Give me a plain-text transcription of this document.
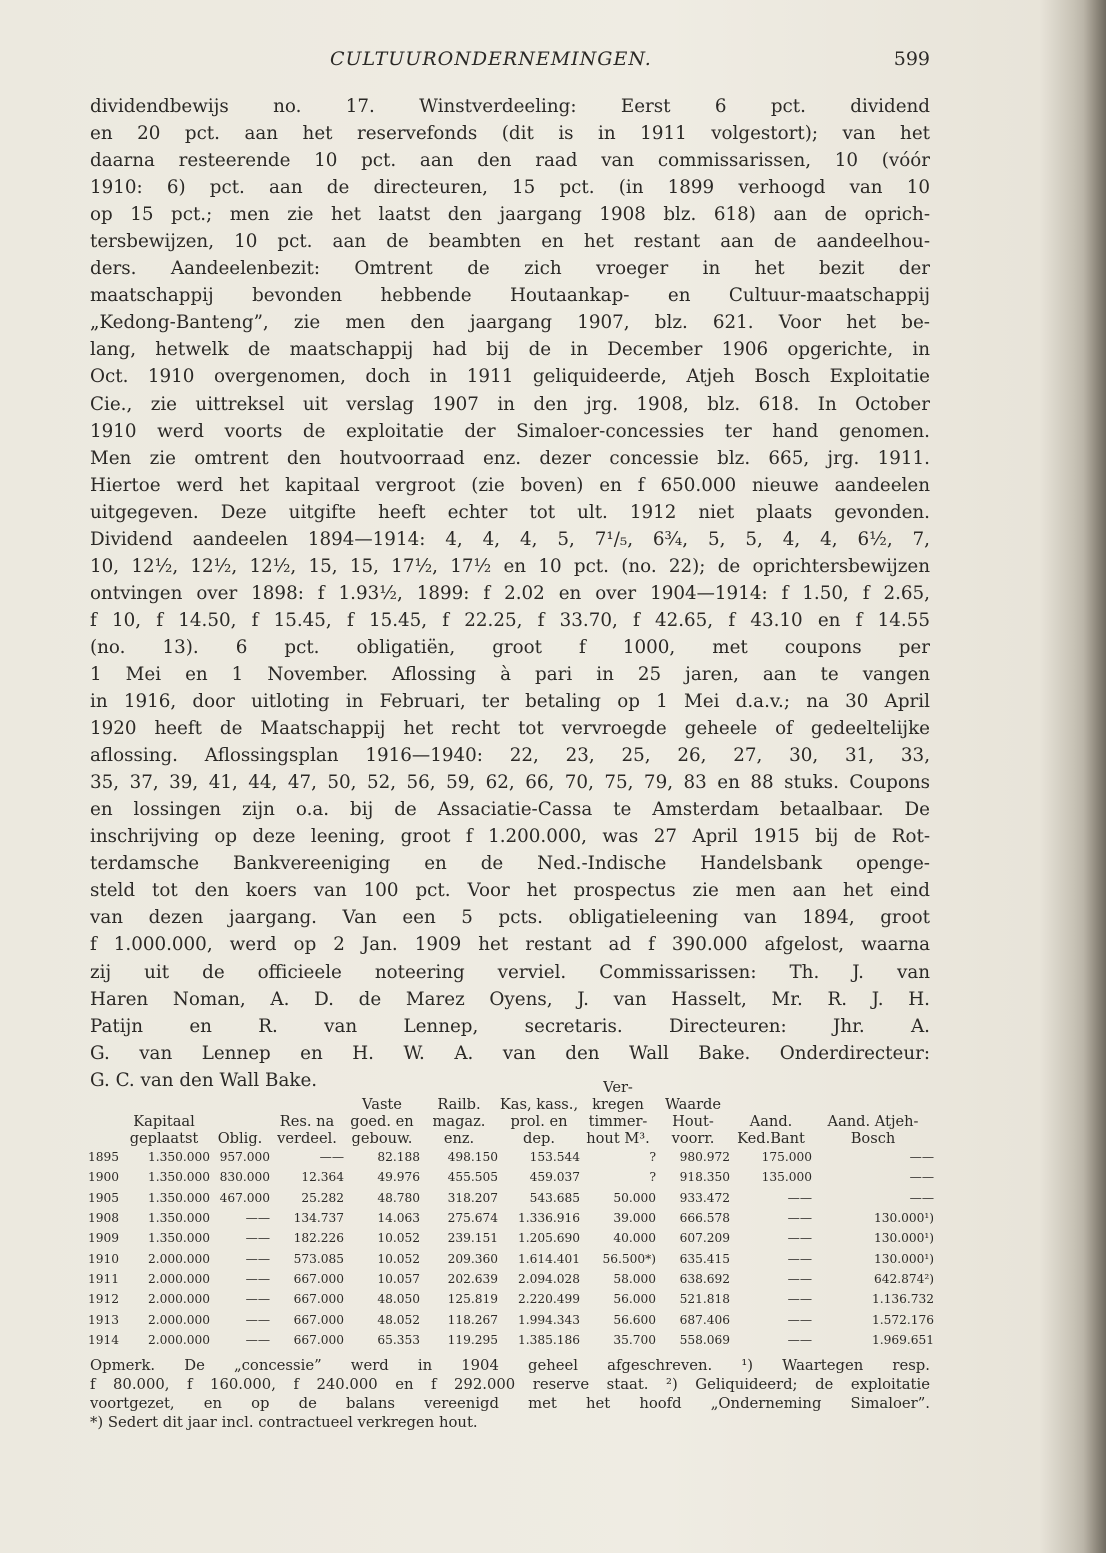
CULTUURONDERNEMINGEN.	599
dividendbewijs no. 17. Winstverdeeling: Eerst 6 pct. dividend
en 20 pct. aan het reservefonds (dit is in 1911 volgestort); van het
daarna resteerende 10 pct. aan den raad van commissarissen, 10 (vóór
1910: 6) pct. aan de directeuren, 15 pct. (in 1899 verhoogd van 10
op 15 pct.; men zie het laatst den jaargang 1908 blz. 618) aan de oprich-
tersbewijzen, 10 pct. aan de beambten en het restant aan de aandeelhou-
ders. Aandeelenbezit: Omtrent de zich vroeger in het bezit der
maatschappij bevonden hebbende Houtaankap- en Cultuur-maatschappij
„Kedong-Banteng”, zie men den jaargang 1907, blz. 621. Voor het be-
lang, hetwelk de maatschappij had bij de in December 1906 opgerichte, in
Oct. 1910 overgenomen, doch in 1911 geliquideerde, Atjeh Bosch Exploitatie
Cie., zie uittreksel uit verslag 1907 in den jrg. 1908, blz. 618. In October
1910 werd voorts de exploitatie der Simaloer-concessies ter hand genomen.
Men zie omtrent den houtvoorraad enz. dezer concessie blz. 665, jrg. 1911.
Hiertoe werd het kapitaal vergroot (zie boven) en f 650.000 nieuwe aandeelen
uitgegeven. Deze uitgifte heeft echter tot ult. 1912 niet plaats gevonden.
Dividend aandeelen 1894—1914: 4, 4, 4, 5, 7¹/₅, 6¾, 5, 5, 4, 4, 6½, 7,
10, 12½, 12½, 12½, 15, 15, 17½, 17½ en 10 pct. (no. 22); de oprichtersbewijzen
ontvingen over 1898: f 1.93½, 1899: f 2.02 en over 1904—1914: f 1.50, f 2.65,
f 10, f 14.50, f 15.45, f 15.45, f 22.25, f 33.70, f 42.65, f 43.10 en f 14.55
(no. 13). 6 pct. obligatiën, groot f 1000, met coupons per
1 Mei en 1 November. Aflossing à pari in 25 jaren, aan te vangen
in 1916, door uitloting in Februari, ter betaling op 1 Mei d.a.v.; na 30 April
1920 heeft de Maatschappij het recht tot vervroegde geheele of gedeeltelijke
aflossing. Aflossingsplan 1916—1940: 22, 23, 25, 26, 27, 30, 31, 33,
35, 37, 39, 41, 44, 47, 50, 52, 56, 59, 62, 66, 70, 75, 79, 83 en 88 stuks. Coupons
en lossingen zijn o.a. bij de Assaciatie-Cassa te Amsterdam betaalbaar. De
inschrijving op deze leening, groot f 1.200.000, was 27 April 1915 bij de Rot-
terdamsche Bankvereeniging en de Ned.-Indische Handelsbank openge-
steld tot den koers van 100 pct. Voor het prospectus zie men aan het eind
van dezen jaargang. Van een 5 pcts. obligatieleening van 1894, groot
f 1.000.000, werd op 2 Jan. 1909 het restant ad f 390.000 afgelost, waarna
zij uit de officieele noteering verviel. Commissarissen: Th. J. van
Haren Noman, A. D. de Marez Oyens, J. van Hasselt, Mr. R. J. H.
Patijn en R. van Lennep, secretaris. Directeuren: Jhr. A.
G. van Lennep en H. W. A. van den Wall Bake. Onderdirecteur:
G. C. van den Wall Bake.
	Kapitaal geplaatst	Oblig.	Res. na verdeel.	Vaste goed. en gebouw.	Railb. magaz. enz.	Kas, kass., prol. en dep.	Ver-kregen timmer-hout M³.	Waarde Hout-voorr.	Aand. Ked.Bant	Aand. Atjeh-Bosch
1895	1.350.000	957.000	——	82.188	498.150	153.544	?	980.972	175.000	——
1900	1.350.000	830.000	12.364	49.976	455.505	459.037	?	918.350	135.000	——
1905	1.350.000	467.000	25.282	48.780	318.207	543.685	50.000	933.472	——	——
1908	1.350.000	——	134.737	14.063	275.674	1.336.916	39.000	666.578	——	130.000¹)
1909	1.350.000	——	182.226	10.052	239.151	1.205.690	40.000	607.209	——	130.000¹)
1910	2.000.000	——	573.085	10.052	209.360	1.614.401	56.500*)	635.415	——	130.000¹)
1911	2.000.000	——	667.000	10.057	202.639	2.094.028	58.000	638.692	——	642.874²)
1912	2.000.000	——	667.000	48.050	125.819	2.220.499	56.000	521.818	——	1.136.732
1913	2.000.000	——	667.000	48.052	118.267	1.994.343	56.600	687.406	——	1.572.176
1914	2.000.000	——	667.000	65.353	119.295	1.385.186	35.700	558.069	——	1.969.651
Opmerk. De „concessie” werd in 1904 geheel afgeschreven. ¹) Waartegen resp.
f 80.000, f 160.000, f 240.000 en f 292.000 reserve staat. ²) Geliquideerd; de exploitatie
voortgezet, en op de balans vereenigd met het hoofd „Onderneming Simaloer”.
*) Sedert dit jaar incl. contractueel verkregen hout.
